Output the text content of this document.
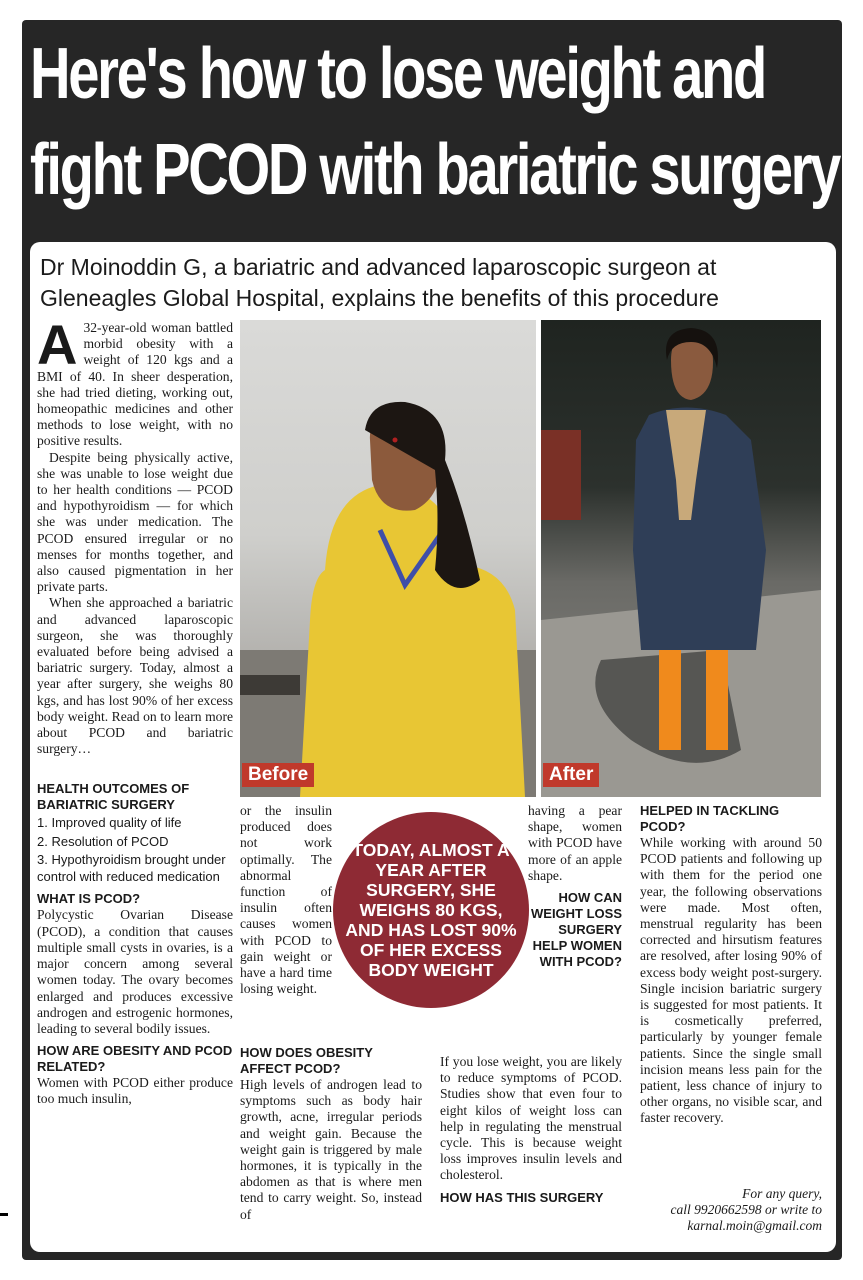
Here's how to lose weight and
fight PCOD with bariatric surgery
Dr Moinoddin G, a bariatric and advanced laparoscopic surgeon at Gleneagles Global Hospital, explains the benefits of this procedure
Before	After
A 32-year-old woman battled morbid obesity with a weight of 120 kgs and a BMI of 40. In sheer desperation, she had tried dieting, working out, homeopathic medicines and other methods to lose weight, with no positive results.

Despite being physically active, she was unable to lose weight due to her health conditions — PCOD and hypothyroidism — for which she was under medication. The PCOD ensured irregular or no menses for months together, and also caused pigmentation in her private parts.

When she approached a bariatric and advanced laparoscopic surgeon, she was thoroughly evaluated before being advised a bariatric surgery. Today, almost a year after surgery, she weighs 80 kgs, and has lost 90% of her excess body weight. Read on to learn more about PCOD and bariatric surgery…

HEALTH OUTCOMES OF BARIATRIC SURGERY
1. Improved quality of life
2. Resolution of PCOD
3. Hypothyroidism brought under control with reduced medication
WHAT IS PCOD?

Polycystic Ovarian Disease (PCOD), a condition that causes multiple small cysts in ovaries, is a major concern among several women today. The ovary becomes enlarged and produces excessive androgen and estrogenic hormones, leading to several bodily issues.

HOW ARE OBESITY AND PCOD RELATED?

Women with PCOD either produce too much insulin,

or the insulin produced does not work optimally. The abnormal function of insulin often causes women with PCOD to gain weight or have a hard time losing weight.

HOW DOES OBESITY AFFECT PCOD?

High levels of androgen lead to symptoms such as body hair growth, acne, irregular periods and weight gain. Because the weight gain is triggered by male hormones, it is typically in the abdomen as that is where men tend to carry weight. So, instead of

having a pear shape, women with PCOD have more of an apple shape.

HOW CAN WEIGHT LOSS SURGERY HELP WOMEN WITH PCOD?

If you lose weight, you are likely to reduce symptoms of PCOD. Studies show that even four to eight kilos of weight loss can help in regulating the menstrual cycle. This is because weight loss improves insulin levels and cholesterol.

HOW HAS THIS SURGERY
HELPED IN TACKLING PCOD?

While working with around 50 PCOD patients and following up with them for the period one year, the following observations were made. Most often, menstrual regularity has been corrected and hirsutism features are resolved, after losing 90% of excess body weight post-surgery. Single incision bariatric surgery is suggested for most patients. It is cosmetically preferred, particularly by younger female patients. Since the single small incision means less pain for the patient, less chance of injury to other organs, no visible scar, and faster recovery.

TODAY, ALMOST A YEAR AFTER SURGERY, SHE WEIGHS 80 KGS, AND HAS LOST 90% OF HER EXCESS BODY WEIGHT
For any query,
call 9920662598 or write to
karnal.moin@gmail.com
